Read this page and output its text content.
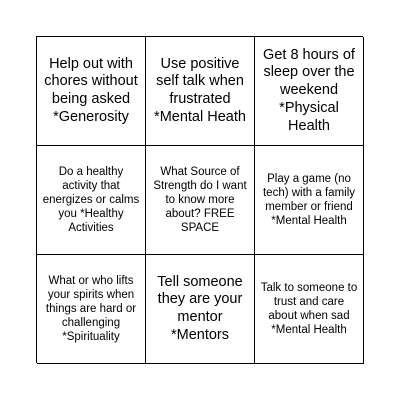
Help out with chores without being asked *Generosity
Use positive self talk when frustrated *Mental Heath
Get 8 hours of sleep over the weekend *Physical Health
Do a healthy activity that energizes or calms you *Healthy Activities
What Source of Strength do I want to know more about? FREE SPACE
Play a game (no tech) with a family member or friend *Mental Health
What or who lifts your spirits when things are hard or challenging *Spirituality
Tell someone they are your mentor *Mentors
Talk to someone to trust and care about when sad *Mental Health
